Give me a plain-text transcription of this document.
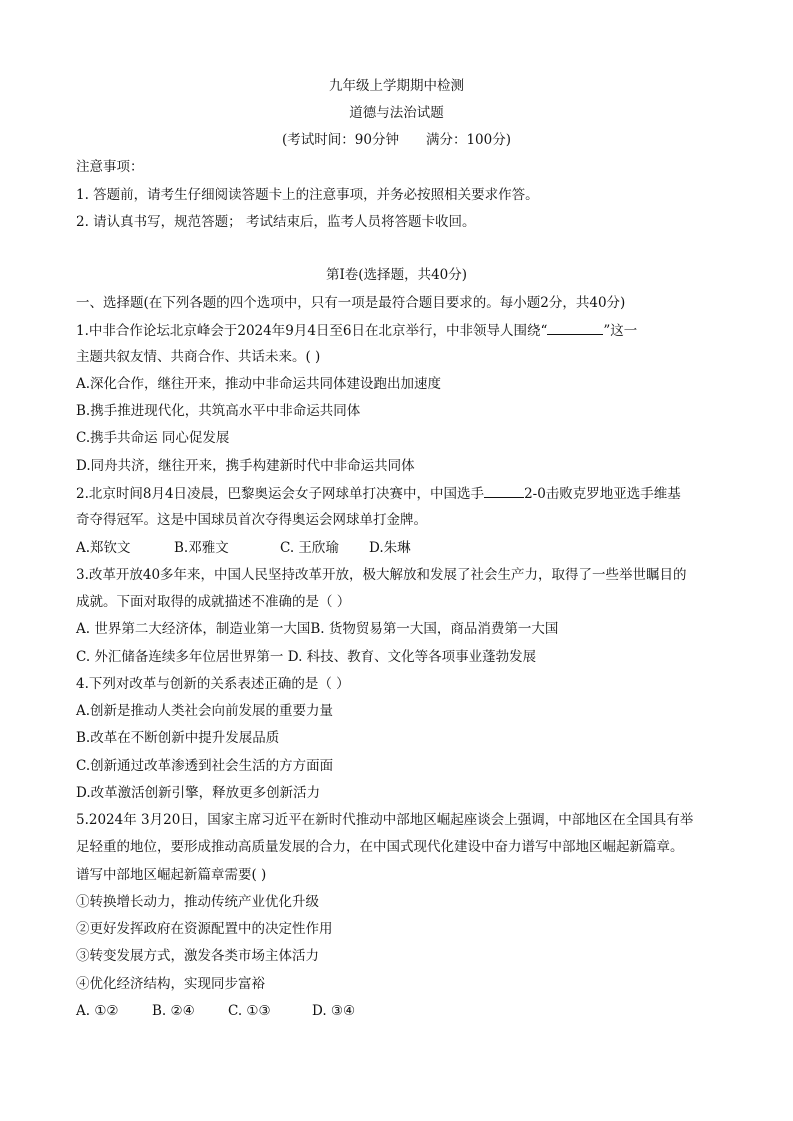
九年级上学期期中检测
道德与法治试题
(考试时间：90分钟　　满分：100分)
注意事项：
1. 答题前，请考生仔细阅读答题卡上的注意事项，并务必按照相关要求作答。
2. 请认真书写，规范答题； 考试结束后，监考人员将答题卡收回。
第Ⅰ卷(选择题，共40分)
一、选择题(在下列各题的四个选项中，只有一项是最符合题目要求的。每小题2分，共40分)
1.中非合作论坛北京峰会于2024年9月4日至6日在北京举行，中非领导人围绕“	”这一
主题共叙友情、共商合作、共话未来。( )
A.深化合作，继往开来，推动中非命运共同体建设跑出加速度
B.携手推进现代化，共筑高水平中非命运共同体
C.携手共命运 同心促发展
D.同舟共济，继往开来，携手构建新时代中非命运共同体
2.北京时间8月4日凌晨，巴黎奥运会女子网球单打决赛中，中国选手	2-0击败克罗地亚选手维基
奇夺得冠军。这是中国球员首次夺得奥运会网球单打金牌。
A.郑钦文	B.邓雅文	C. 王欣瑜 D.朱琳
3.改革开放40多年来，中国人民坚持改革开放，极大解放和发展了社会生产力，取得了一些举世瞩目的
成就。下面对取得的成就描述不准确的是（ ）
A. 世界第二大经济体，制造业第一大国B. 货物贸易第一大国，商品消费第一大国
C. 外汇储备连续多年位居世界第一 D. 科技、教育、文化等各项事业蓬勃发展
4.下列对改革与创新的关系表述正确的是（ ）
A.创新是推动人类社会向前发展的重要力量
B.改革在不断创新中提升发展品质
C.创新通过改革渗透到社会生活的方方面面
D.改革激活创新引擎，释放更多创新活力
5.2024年 3月20日，国家主席习近平在新时代推动中部地区崛起座谈会上强调，中部地区在全国具有举
足轻重的地位，要形成推动高质量发展的合力，在中国式现代化建设中奋力谱写中部地区崛起新篇章。
谱写中部地区崛起新篇章需要( )
①转换增长动力，推动传统产业优化升级
②更好发挥政府在资源配置中的决定性作用
③转变发展方式，激发各类市场主体活力
④优化经济结构，实现同步富裕
A. ①② B. ②④ C. ①③	D. ③④
